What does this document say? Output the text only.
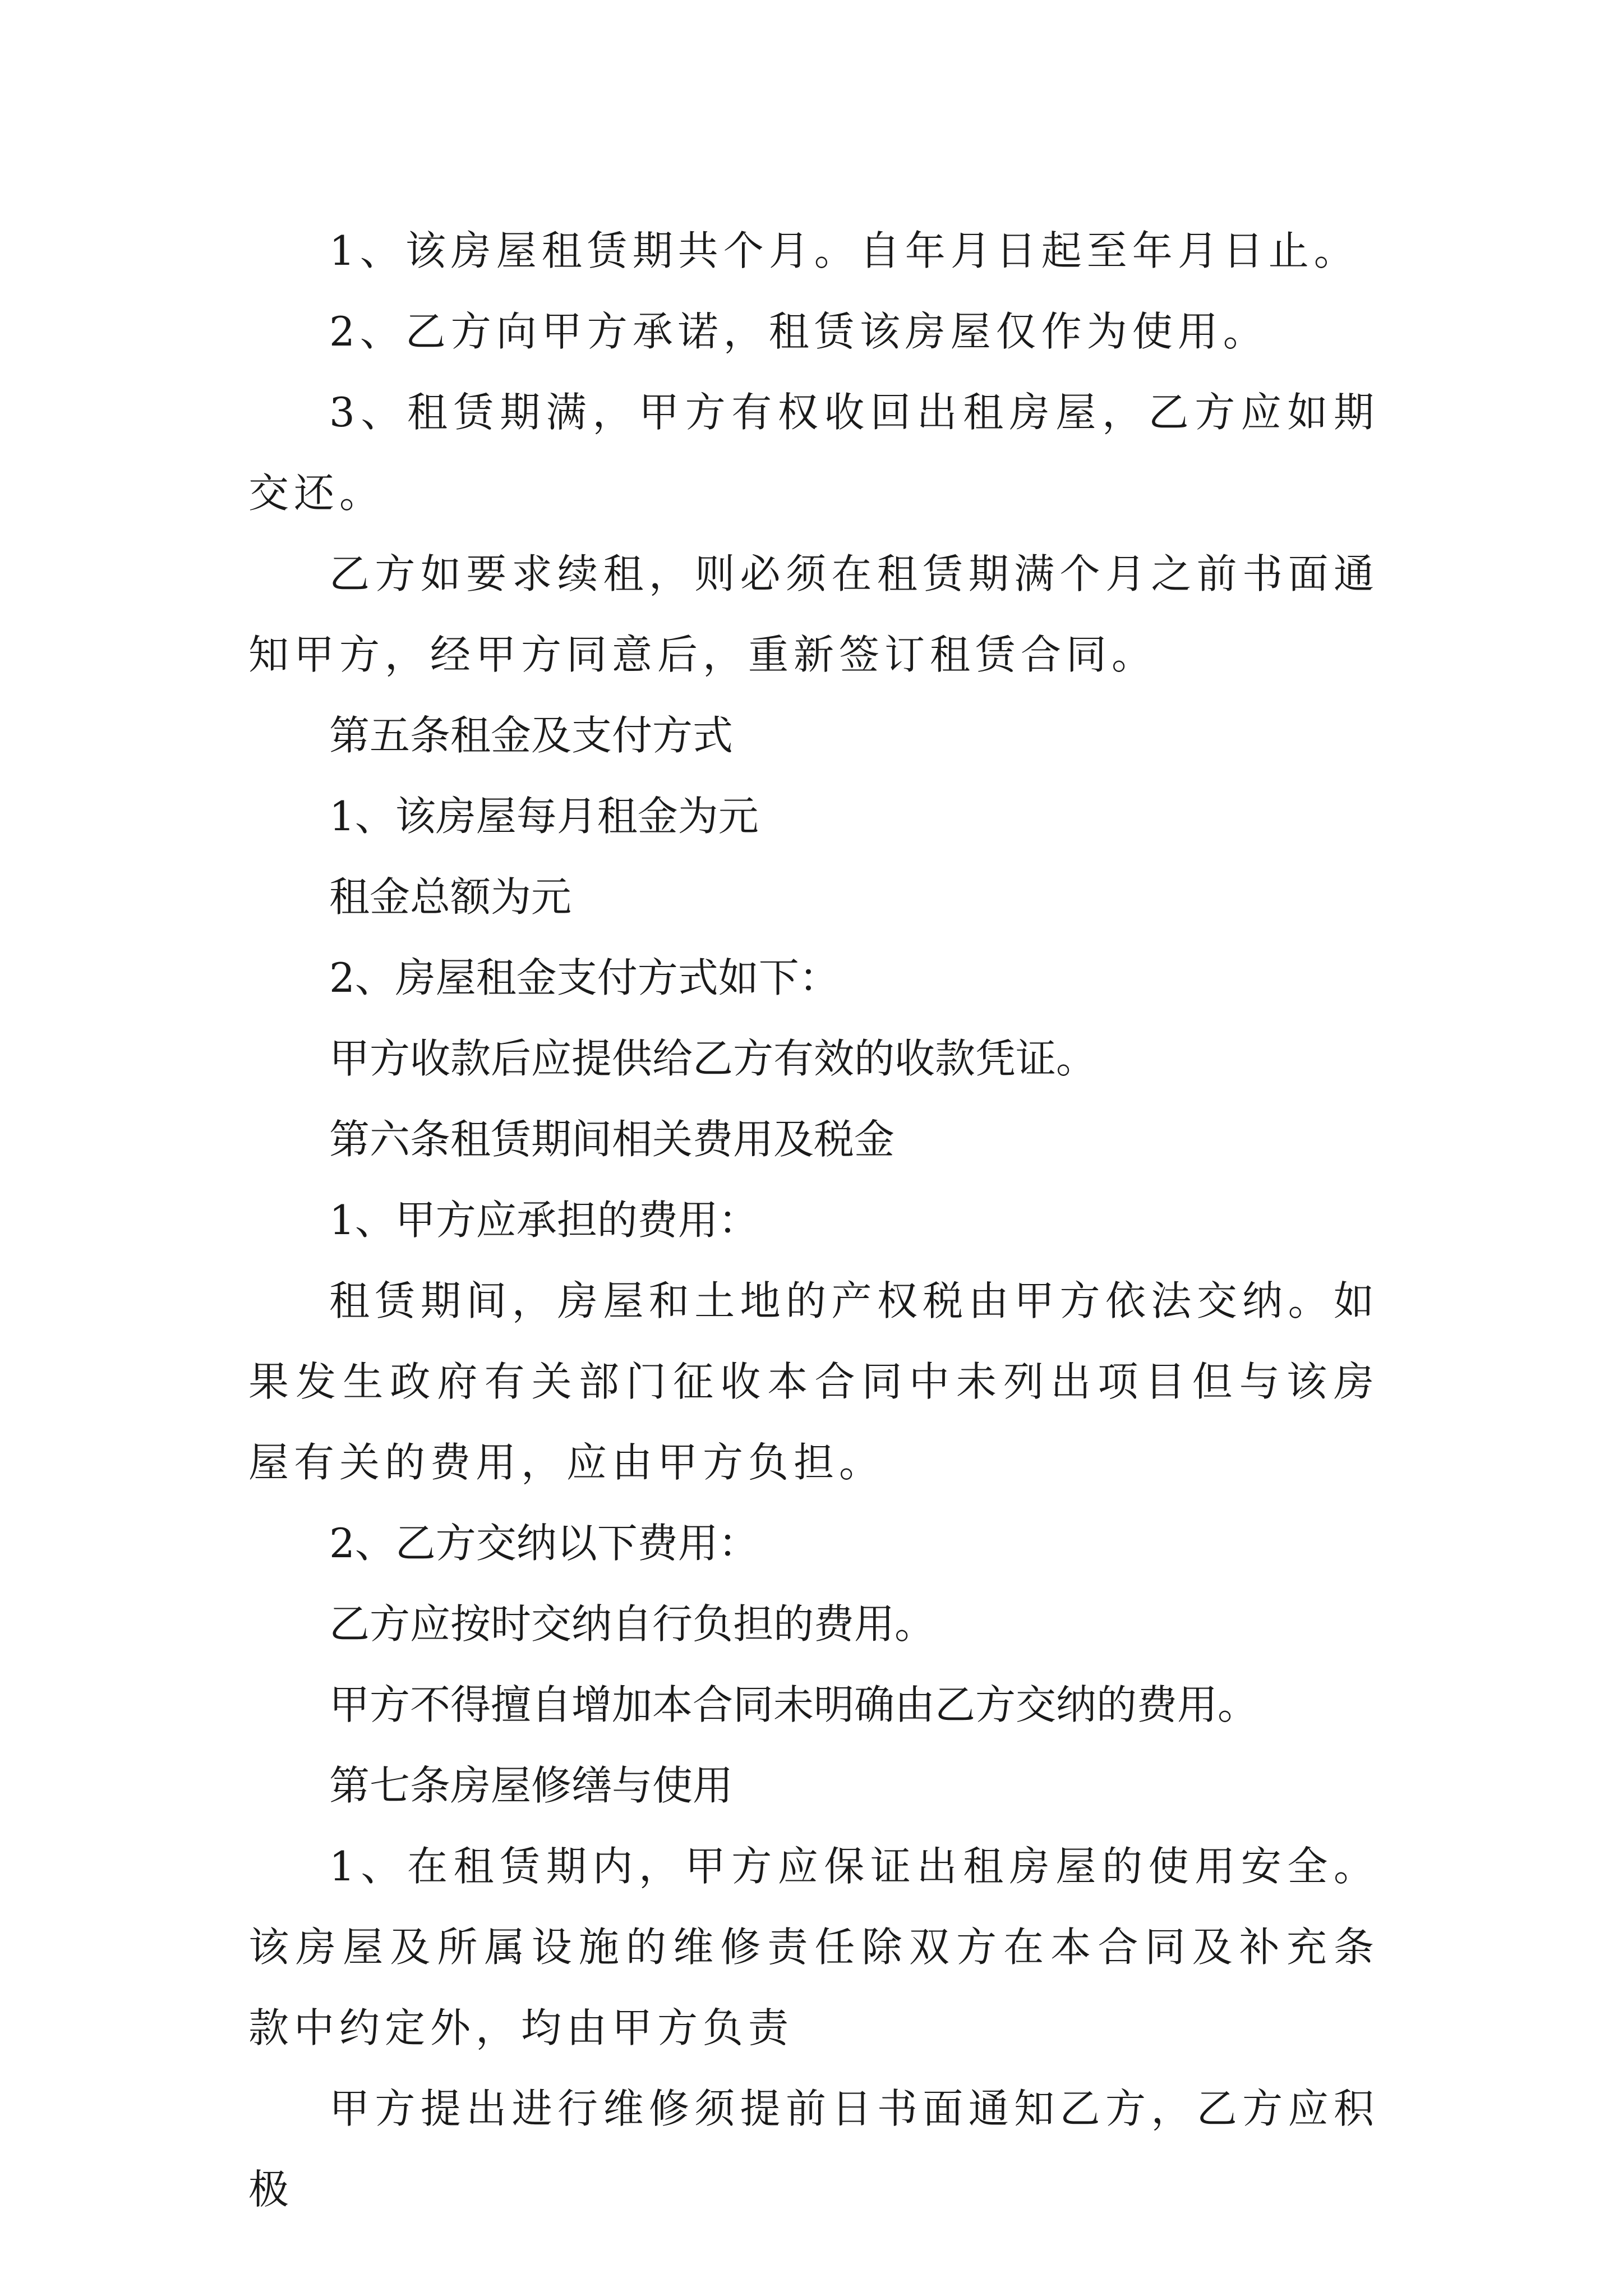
1、该房屋租赁期共个月。自年月日起至年月日止。

2、乙方向甲方承诺，租赁该房屋仅作为使用。

3、租赁期满，甲方有权收回出租房屋，乙方应如期交还。

乙方如要求续租，则必须在租赁期满个月之前书面通知甲方，经甲方同意后，重新签订租赁合同。

第五条租金及支付方式

1、该房屋每月租金为元

租金总额为元

2、房屋租金支付方式如下：

甲方收款后应提供给乙方有效的收款凭证。

第六条租赁期间相关费用及税金

1、甲方应承担的费用：

租赁期间，房屋和土地的产权税由甲方依法交纳。如果发生政府有关部门征收本合同中未列出项目但与该房屋有关的费用，应由甲方负担。

2、乙方交纳以下费用：

乙方应按时交纳自行负担的费用。

甲方不得擅自增加本合同未明确由乙方交纳的费用。

第七条房屋修缮与使用

1、在租赁期内，甲方应保证出租房屋的使用安全。该房屋及所属设施的维修责任除双方在本合同及补充条款中约定外，均由甲方负责

甲方提出进行维修须提前日书面通知乙方，乙方应积极
